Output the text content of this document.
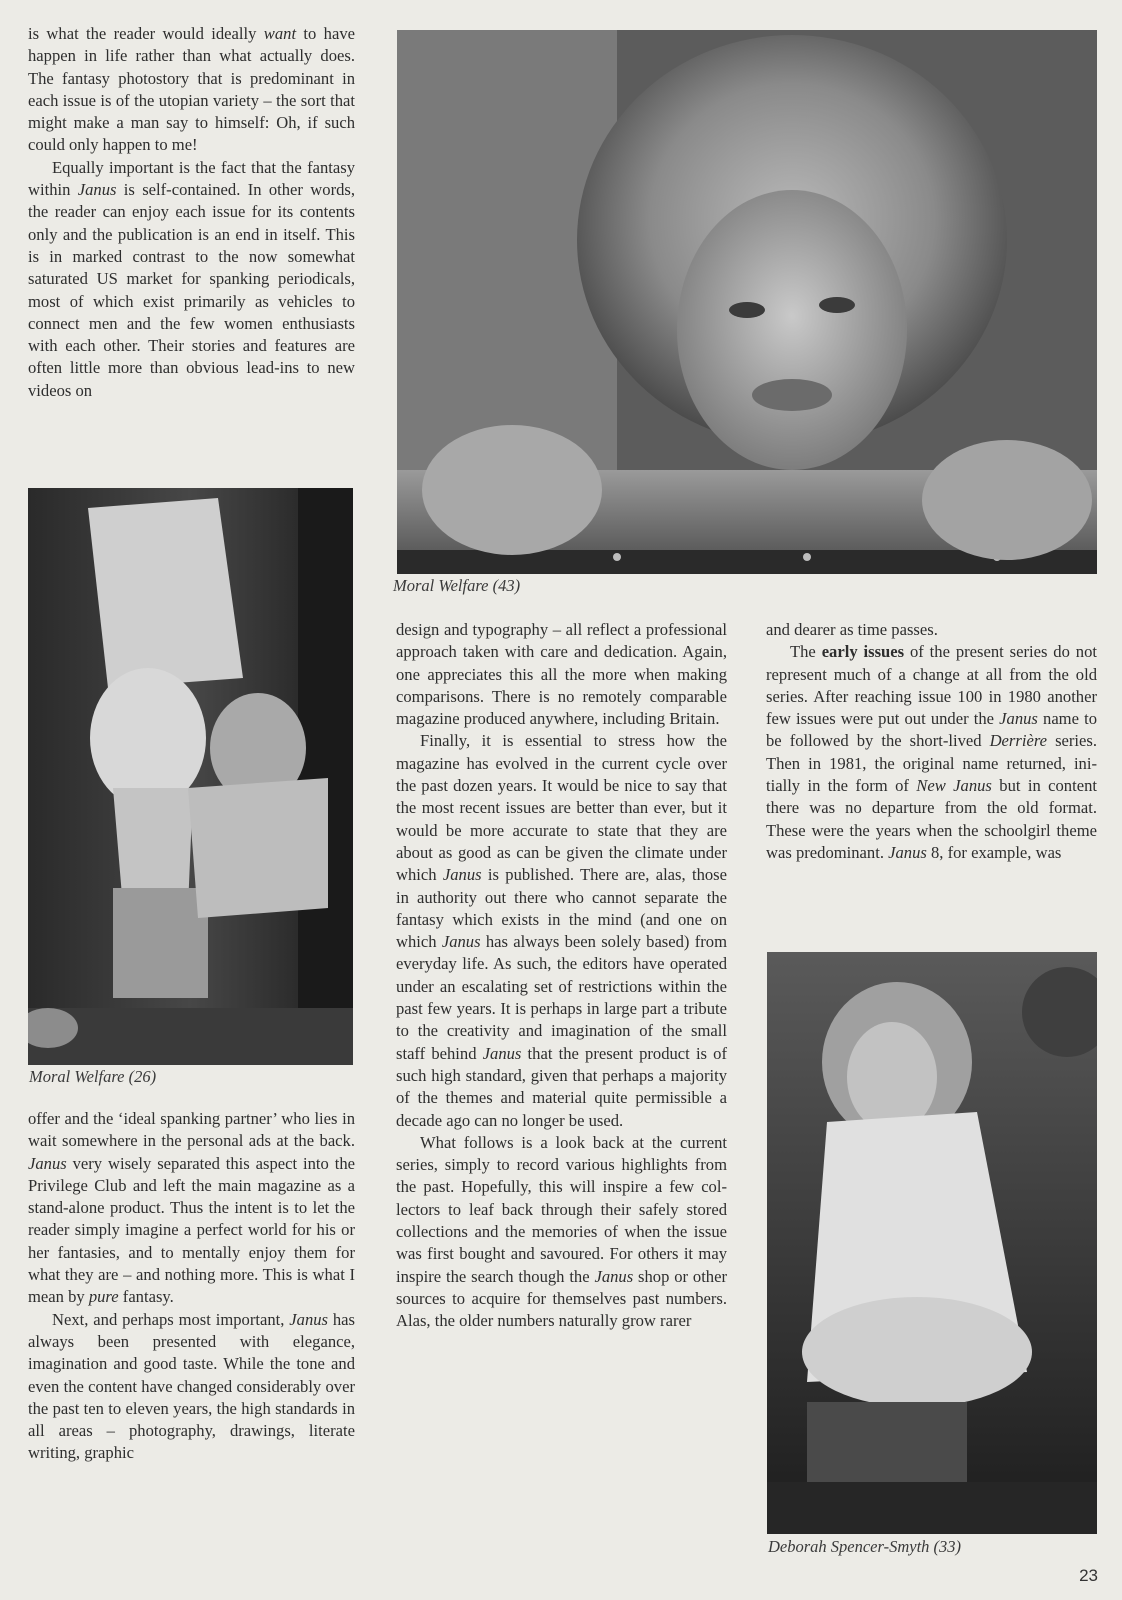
is what the reader would ideally want to have happen in life rather than what actually does. The fantasy photostory that is predominant in each issue is of the utopian variety – the sort that might make a man say to himself: Oh, if such could only happen to me!

Equally important is the fact that the fantasy within Janus is self-contained. In other words, the reader can enjoy each issue for its contents only and the publication is an end in itself. This is in marked contrast to the now somewhat saturated US market for spanking periodicals, most of which exist primarily as vehicles to connect men and the few women enthusiasts with each other. Their stories and features are often little more than obvious lead-ins to new videos on

Moral Welfare (43)
Moral Welfare (26)

offer and the ‘ideal spanking partner’ who lies in wait somewhere in the personal ads at the back. Janus very wisely separated this aspect into the Privilege Club and left the main magazine as a stand-alone product. Thus the intent is to let the reader simply imagine a perfect world for his or her fantasies, and to mentally enjoy them for what they are – and nothing more. This is what I mean by pure fantasy.

Next, and perhaps most important, Janus has always been presented with elegance, imagination and good taste. While the tone and even the content have changed considerably over the past ten to eleven years, the high standards in all areas – photography, drawings, literate writing, graphic

design and typography – all reflect a professional approach taken with care and dedication. Again, one appreciates this all the more when making comparisons. There is no remotely comparable magazine produced anywhere, including Britain.

Finally, it is essential to stress how the magazine has evolved in the current cycle over the past dozen years. It would be nice to say that the most recent issues are better than ever, but it would be more accurate to state that they are about as good as can be given the climate under which Janus is published. There are, alas, those in authority out there who cannot separate the fantasy which exists in the mind (and one on which Janus has always been solely based) from everyday life. As such, the editors have operated under an escalating set of restrictions within the past few years. It is perhaps in large part a tribute to the creativity and imagination of the small staff behind Janus that the present product is of such high standard, given that perhaps a majority of the themes and material quite permissible a decade ago can no longer be used.

What follows is a look back at the current series, simply to record various highlights from the past. Hopefully, this will inspire a few collectors to leaf back through their safely stored collections and the memories of when the issue was first bought and savoured. For others it may inspire the search though the Janus shop or other sources to acquire for themselves past numbers. Alas, the older numbers naturally grow rarer

and dearer as time passes.

The early issues of the present series do not represent much of a change at all from the old series. After reaching issue 100 in 1980 another few issues were put out under the Janus name to be followed by the short-lived Derrière series. Then in 1981, the original name returned, initially in the form of New Janus but in content there was no departure from the old format. These were the years when the schoolgirl theme was predominant. Janus 8, for example, was

Deborah Spencer-Smyth (33)
23
